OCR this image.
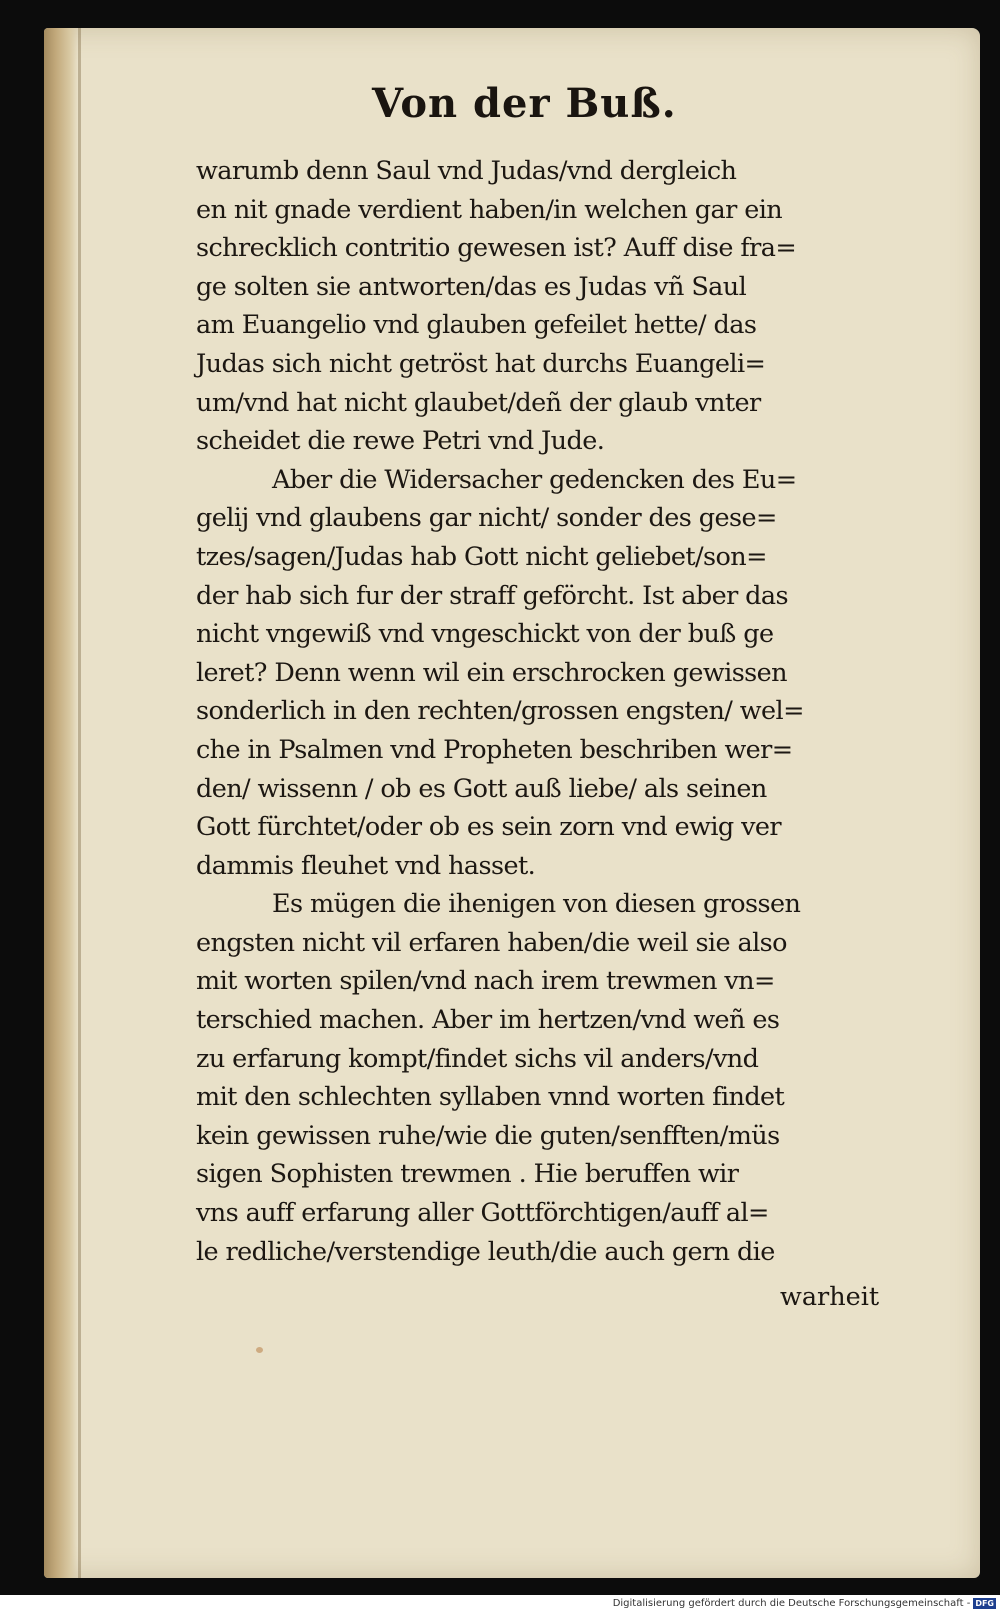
Von der Buß.
warumb denn Saul vnd Judas/vnd dergleich
en nit gnade verdient haben/in welchen gar ein
schrecklich contritio gewesen ist? Auff dise fra=
ge solten sie antworten/das es Judas vñ Saul
am Euangelio vnd glauben gefeilet hette/ das
Judas sich nicht getröst hat durchs Euangeli=
um/vnd hat nicht glaubet/deñ der glaub vnter
scheidet die rewe Petri vnd Jude.
Aber die Widersacher gedencken des Eu=
gelij vnd glaubens gar nicht/ sonder des gese=
tzes/sagen/Judas hab Gott nicht geliebet/son=
der hab sich fur der straff geförcht. Ist aber das
nicht vngewiß vnd vngeschickt von der buß ge
leret? Denn wenn wil ein erschrocken gewissen
sonderlich in den rechten/grossen engsten/ wel=
che in Psalmen vnd Propheten beschriben wer=
den/ wissenn / ob es Gott auß liebe/ als seinen
Gott fürchtet/oder ob es sein zorn vnd ewig ver
dammis fleuhet vnd hasset.
Es mügen die ihenigen von diesen grossen
engsten nicht vil erfaren haben/die weil sie also
mit worten spilen/vnd nach irem trewmen vn=
terschied machen. Aber im hertzen/vnd weñ es
zu erfarung kompt/findet sichs vil anders/vnd
mit den schlechten syllaben vnnd worten findet
kein gewissen ruhe/wie die guten/senfften/müs
sigen Sophisten trewmen . Hie beruffen wir
vns auff erfarung aller Gottförchtigen/auff al=
le redliche/verstendige leuth/die auch gern die
warheit
Digitalisierung gefördert durch die Deutsche Forschungsgemeinschaft - DFG
